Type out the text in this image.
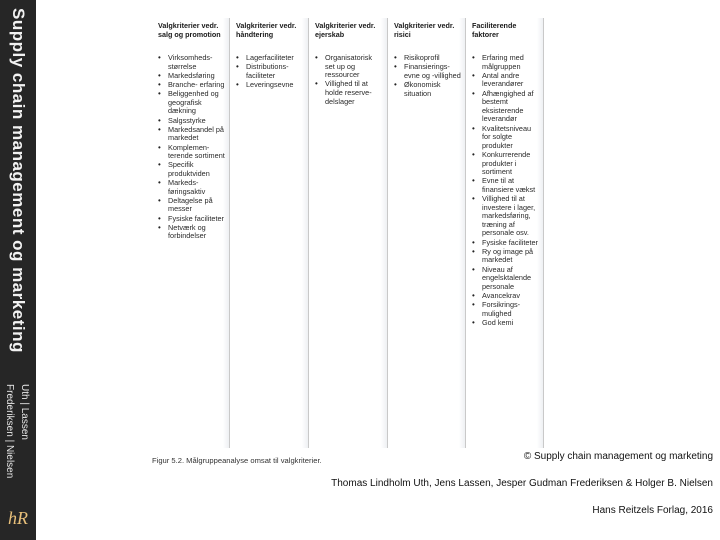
Supply chain management og marketing
Uth | Lassen
Frederiksen | Nielsen
hR
Valgkriterier vedr. salg og promotion
• Virksomheds- størrelse
• Markedsføring
• Branche- erfaring
• Beliggenhed og geografisk dækning
• Salgsstyrke
• Markedsandel på markedet
• Komplemen- terende sortiment
• Specifik produktviden
• Markeds- føringsaktiv
• Deltagelse på messer
• Fysiske faciliteter
• Netværk og forbindelser
Valgkriterier vedr. håndtering
• Lagerfaciliteter
• Distributions- faciliteter
• Leveringsevne
Valgkriterier vedr. ejerskab
• Organisatorisk set up og ressourcer
• Villighed til at holde reserve- delslager
Valgkriterier vedr. risici
• Risikoprofil
• Finansierings- evne og -villighed
• Økonomisk situation
Faciliterende faktorer
• Erfaring med målgruppen
• Antal andre leverandører
• Afhængighed af bestemt eksisterende leverandør
• Kvalitetsniveau for solgte produkter
• Konkurrerende produkter i sortiment
• Evne til at finansiere vækst
• Villighed til at investere i lager, markedsføring, træning af personale osv.
• Fysiske faciliteter
• Ry og image på markedet
• Niveau af engelsktalende personale
• Avancekrav
• Forsikrings- mulighed
• God kemi
Figur 5.2. Målgruppeanalyse omsat til valgkriterier.	© Supply chain management og marketing
Thomas Lindholm Uth, Jens Lassen, Jesper Gudman Frederiksen & Holger B. Nielsen
Hans Reitzels Forlag, 2016
